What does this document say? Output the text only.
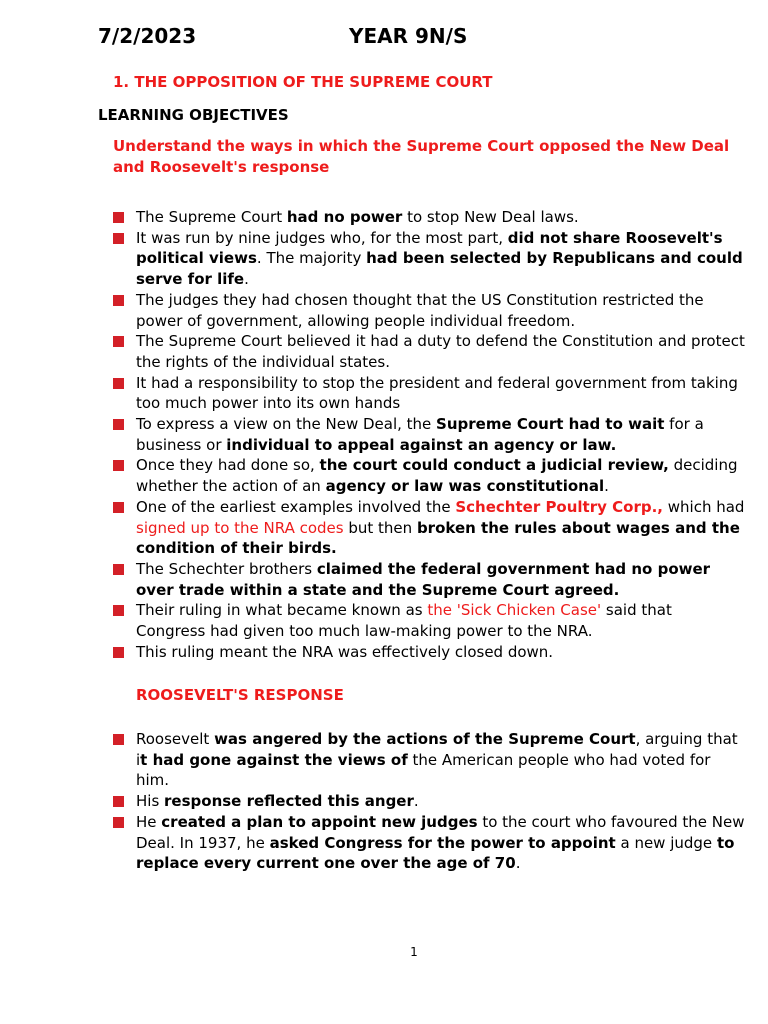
7/2/2023	YEAR 9N/S
1. THE OPPOSITION OF THE SUPREME COURT
LEARNING OBJECTIVES
Understand the ways in which the Supreme Court opposed the New Deal and Roosevelt's response
The Supreme Court had no power to stop New Deal laws.
It was run by nine judges who, for the most part, did not share Roosevelt's political views. The majority had been selected by Republicans and could serve for life.
The judges they had chosen thought that the US Constitution restricted the power of government, allowing people individual freedom.
The Supreme Court believed it had a duty to defend the Constitution and protect the rights of the individual states.
It had a responsibility to stop the president and federal government from taking too much power into its own hands
To express a view on the New Deal, the Supreme Court had to wait for a business or individual to appeal against an agency or law.
Once they had done so, the court could conduct a judicial review, deciding whether the action of an agency or law was constitutional.
One of the earliest examples involved the Schechter Poultry Corp., which had signed up to the NRA codes but then broken the rules about wages and the condition of their birds.
The Schechter brothers claimed the federal government had no power over trade within a state and the Supreme Court agreed.
Their ruling in what became known as the 'Sick Chicken Case' said that Congress had given too much law-making power to the NRA.
This ruling meant the NRA was effectively closed down.
ROOSEVELT'S RESPONSE
Roosevelt was angered by the actions of the Supreme Court, arguing that it had gone against the views of the American people who had voted for him.
His response reflected this anger.
He created a plan to appoint new judges to the court who favoured the New Deal. In 1937, he asked Congress for the power to appoint a new judge to replace every current one over the age of 70.
1
